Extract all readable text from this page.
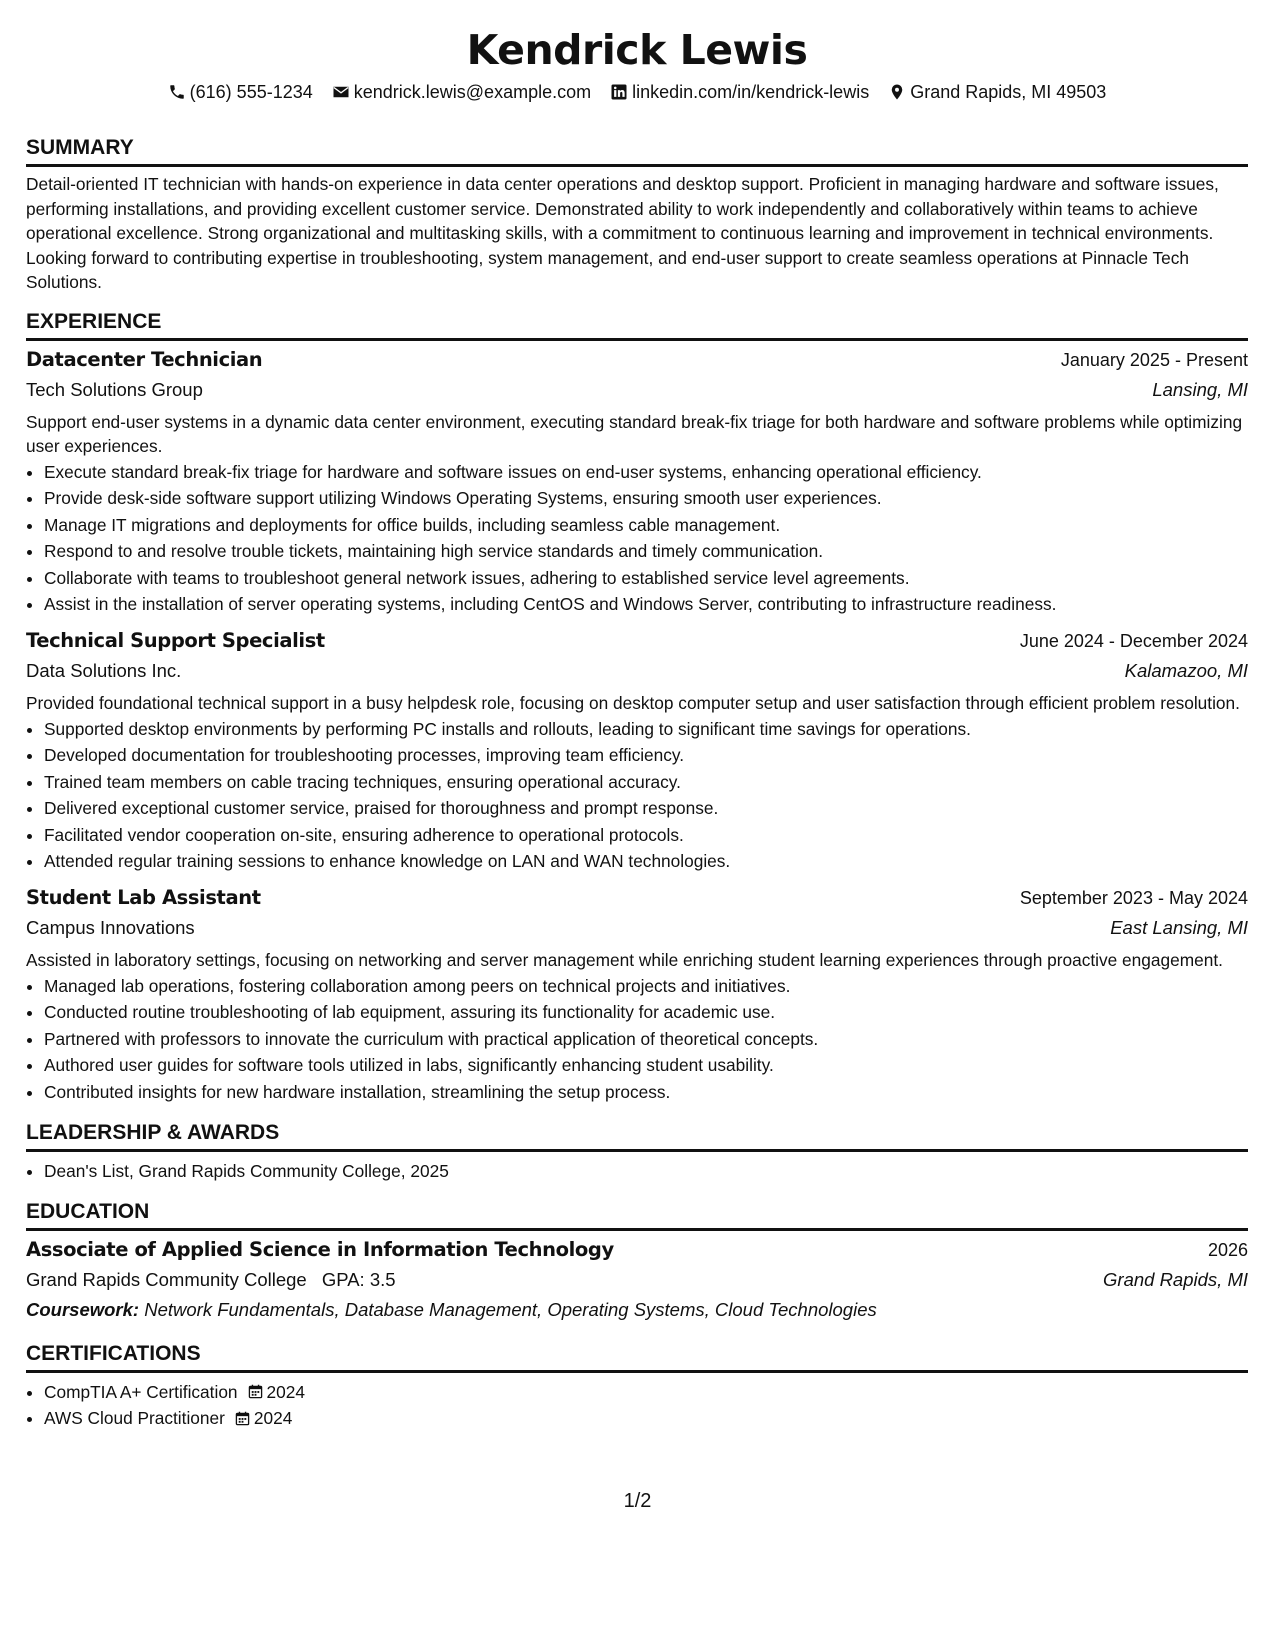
Kendrick Lewis
(616) 555-1234 kendrick.lewis@example.com linkedin.com/in/kendrick-lewis Grand Rapids, MI 49503
SUMMARY
Detail-oriented IT technician with hands-on experience in data center operations and desktop support. Proficient in managing hardware and software issues, performing installations, and providing excellent customer service. Demonstrated ability to work independently and collaboratively within teams to achieve operational excellence. Strong organizational and multitasking skills, with a commitment to continuous learning and improvement in technical environments. Looking forward to contributing expertise in troubleshooting, system management, and end-user support to create seamless operations at Pinnacle Tech Solutions.
EXPERIENCE
Datacenter Technician	January 2025 - Present
Tech Solutions Group	Lansing, MI
Support end-user systems in a dynamic data center environment, executing standard break-fix triage for both hardware and software problems while optimizing user experiences.
• Execute standard break-fix triage for hardware and software issues on end-user systems, enhancing operational efficiency.
• Provide desk-side software support utilizing Windows Operating Systems, ensuring smooth user experiences.
• Manage IT migrations and deployments for office builds, including seamless cable management.
• Respond to and resolve trouble tickets, maintaining high service standards and timely communication.
• Collaborate with teams to troubleshoot general network issues, adhering to established service level agreements.
• Assist in the installation of server operating systems, including CentOS and Windows Server, contributing to infrastructure readiness.
Technical Support Specialist	June 2024 - December 2024
Data Solutions Inc.	Kalamazoo, MI
Provided foundational technical support in a busy helpdesk role, focusing on desktop computer setup and user satisfaction through efficient problem resolution.
• Supported desktop environments by performing PC installs and rollouts, leading to significant time savings for operations.
• Developed documentation for troubleshooting processes, improving team efficiency.
• Trained team members on cable tracing techniques, ensuring operational accuracy.
• Delivered exceptional customer service, praised for thoroughness and prompt response.
• Facilitated vendor cooperation on-site, ensuring adherence to operational protocols.
• Attended regular training sessions to enhance knowledge on LAN and WAN technologies.
Student Lab Assistant	September 2023 - May 2024
Campus Innovations	East Lansing, MI
Assisted in laboratory settings, focusing on networking and server management while enriching student learning experiences through proactive engagement.
• Managed lab operations, fostering collaboration among peers on technical projects and initiatives.
• Conducted routine troubleshooting of lab equipment, assuring its functionality for academic use.
• Partnered with professors to innovate the curriculum with practical application of theoretical concepts.
• Authored user guides for software tools utilized in labs, significantly enhancing student usability.
• Contributed insights for new hardware installation, streamlining the setup process.
LEADERSHIP & AWARDS
• Dean's List, Grand Rapids Community College, 2025
EDUCATION
Associate of Applied Science in Information Technology	2026
Grand Rapids Community College GPA: 3.5	Grand Rapids, MI
Coursework: Network Fundamentals, Database Management, Operating Systems, Cloud Technologies
CERTIFICATIONS
• CompTIA A+ Certification 2024
• AWS Cloud Practitioner 2024
1/2
